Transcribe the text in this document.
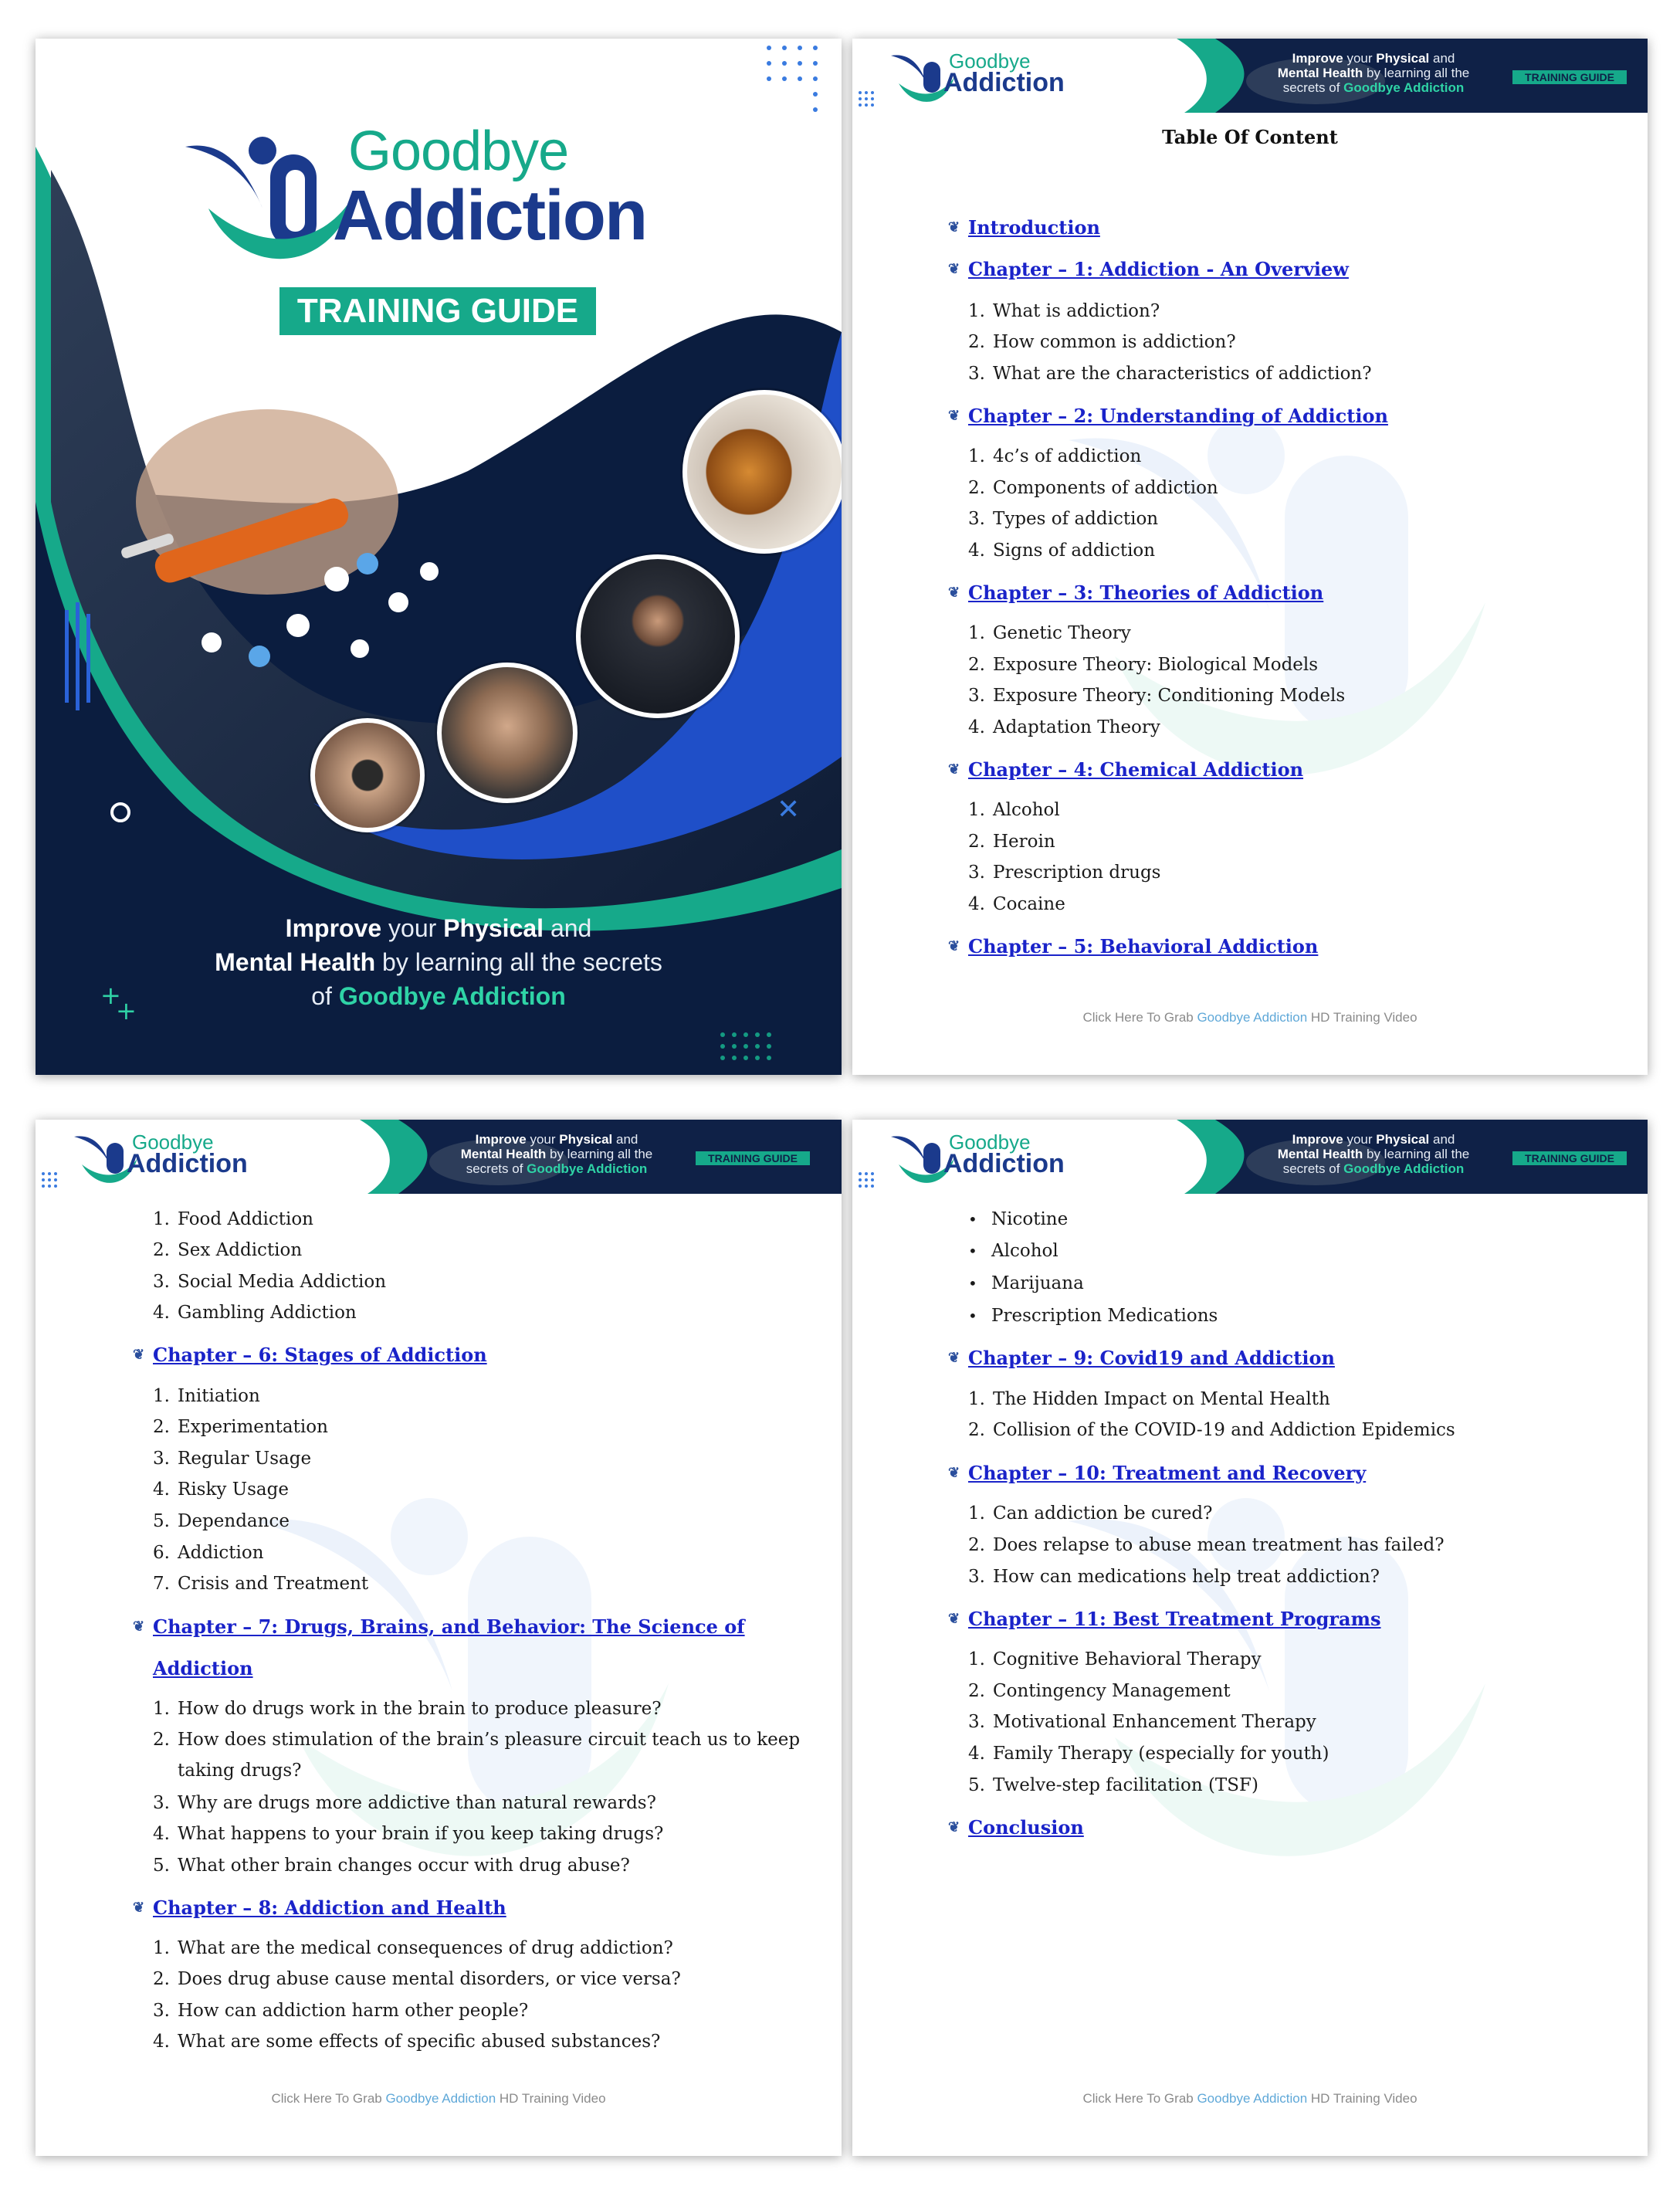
✕
+
+
Goodbye
Addiction
TRAINING GUIDE
Improve your Physical and
Mental Health by learning all the secrets
of Goodbye Addiction
Goodbye
Addiction
Improve your Physical and
Mental Health by learning all the
secrets of Goodbye Addiction
TRAINING GUIDE
Table Of Content
❦ Introduction
❦ Chapter – 1: Addiction - An Overview
1. What is addiction?
2. How common is addiction?
3. What are the characteristics of addiction?
❦ Chapter – 2: Understanding of Addiction
1. 4c’s of addiction
2. Components of addiction
3. Types of addiction
4. Signs of addiction
❦ Chapter – 3: Theories of Addiction
1. Genetic Theory
2. Exposure Theory: Biological Models
3. Exposure Theory: Conditioning Models
4. Adaptation Theory
❦ Chapter – 4: Chemical Addiction
1. Alcohol
2. Heroin
3. Prescription drugs
4. Cocaine
❦ Chapter – 5: Behavioral Addiction
Click Here To Grab Goodbye Addiction HD Training Video
Goodbye
Addiction
Improve your Physical and
Mental Health by learning all the
secrets of Goodbye Addiction
TRAINING GUIDE
1. Food Addiction
2. Sex Addiction
3. Social Media Addiction
4. Gambling Addiction
❦ Chapter – 6: Stages of Addiction
1. Initiation
2. Experimentation
3. Regular Usage
4. Risky Usage
5. Dependance
6. Addiction
7. Crisis and Treatment
❦ Chapter – 7: Drugs, Brains, and Behavior: The Science of
Addiction
1. How do drugs work in the brain to produce pleasure?
2. How does stimulation of the brain’s pleasure circuit teach us to keep
taking drugs?
3. Why are drugs more addictive than natural rewards?
4. What happens to your brain if you keep taking drugs?
5. What other brain changes occur with drug abuse?
❦ Chapter – 8: Addiction and Health
1. What are the medical consequences of drug addiction?
2. Does drug abuse cause mental disorders, or vice versa?
3. How can addiction harm other people?
4. What are some effects of specific abused substances?
Click Here To Grab Goodbye Addiction HD Training Video
Goodbye
Addiction
Improve your Physical and
Mental Health by learning all the
secrets of Goodbye Addiction
TRAINING GUIDE
• Nicotine
• Alcohol
• Marijuana
• Prescription Medications
❦ Chapter – 9: Covid19 and Addiction
1. The Hidden Impact on Mental Health
2. Collision of the COVID-19 and Addiction Epidemics
❦ Chapter – 10: Treatment and Recovery
1. Can addiction be cured?
2. Does relapse to abuse mean treatment has failed?
3. How can medications help treat addiction?
❦ Chapter – 11: Best Treatment Programs
1. Cognitive Behavioral Therapy
2. Contingency Management
3. Motivational Enhancement Therapy
4. Family Therapy (especially for youth)
5. Twelve-step facilitation (TSF)
❦ Conclusion
Click Here To Grab Goodbye Addiction HD Training Video
